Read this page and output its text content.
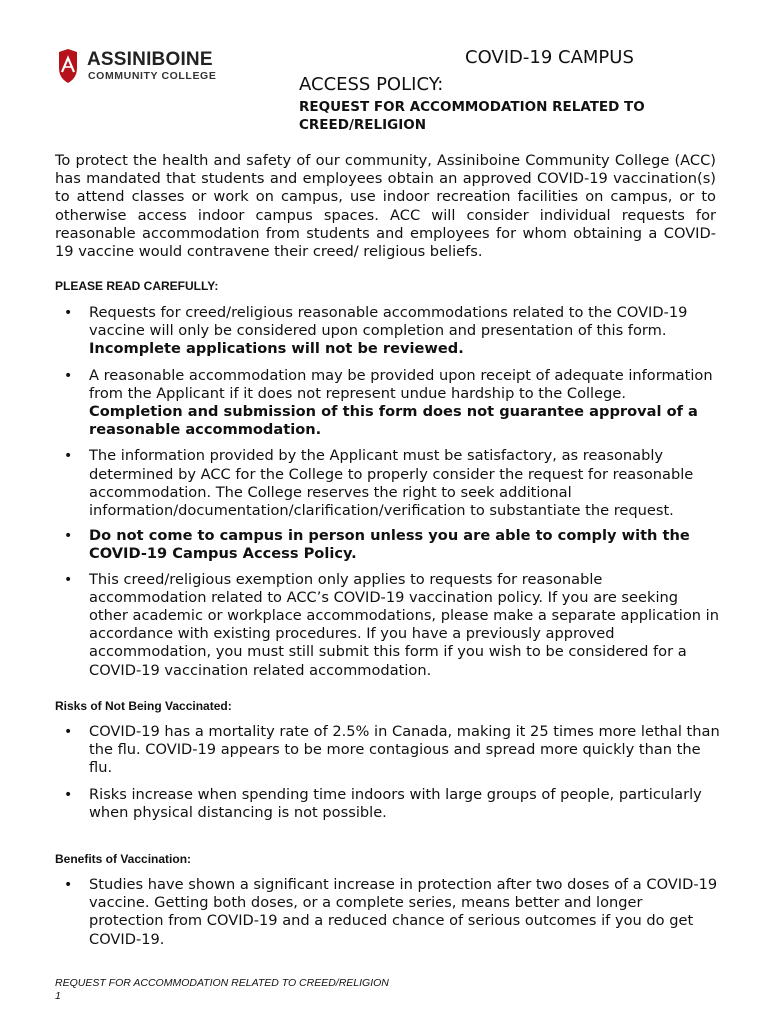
ASSINIBOINE
COMMUNITY COLLEGE
COVID-19 CAMPUS
ACCESS POLICY:
REQUEST FOR ACCOMMODATION RELATED TO CREED/RELIGION

To protect the health and safety of our community, Assiniboine Community College (ACC) has mandated that students and employees obtain an approved COVID-19 vaccination(s) to attend classes or work on campus, use indoor recreation facilities on campus, or to otherwise access indoor campus spaces. ACC will consider individual requests for reasonable accommodation from students and employees for whom obtaining a COVID-19 vaccine would contravene their creed/ religious beliefs.

PLEASE READ CAREFULLY:
• Requests for creed/religious reasonable accommodations related to the COVID-19 vaccine will only be considered upon completion and presentation of this form. Incomplete applications will not be reviewed.
• A reasonable accommodation may be provided upon receipt of adequate information from the Applicant if it does not represent undue hardship to the College. Completion and submission of this form does not guarantee approval of a reasonable accommodation.
• The information provided by the Applicant must be satisfactory, as reasonably determined by ACC for the College to properly consider the request for reasonable accommodation. The College reserves the right to seek additional information/documentation/clarification/verification to substantiate the request.
• Do not come to campus in person unless you are able to comply with the COVID-19 Campus Access Policy.
• This creed/religious exemption only applies to requests for reasonable accommodation related to ACC’s COVID-19 vaccination policy. If you are seeking other academic or workplace accommodations, please make a separate application in accordance with existing procedures. If you have a previously approved accommodation, you must still submit this form if you wish to be considered for a COVID-19 vaccination related accommodation.
Risks of Not Being Vaccinated:
• COVID-19 has a mortality rate of 2.5% in Canada, making it 25 times more lethal than the flu. COVID-19 appears to be more contagious and spread more quickly than the flu.
• Risks increase when spending time indoors with large groups of people, particularly when physical distancing is not possible.
Benefits of Vaccination:
• Studies have shown a significant increase in protection after two doses of a COVID-19 vaccine. Getting both doses, or a complete series, means better and longer protection from COVID-19 and a reduced chance of serious outcomes if you do get COVID-19.
REQUEST FOR ACCOMMODATION RELATED TO CREED/RELIGION
1
